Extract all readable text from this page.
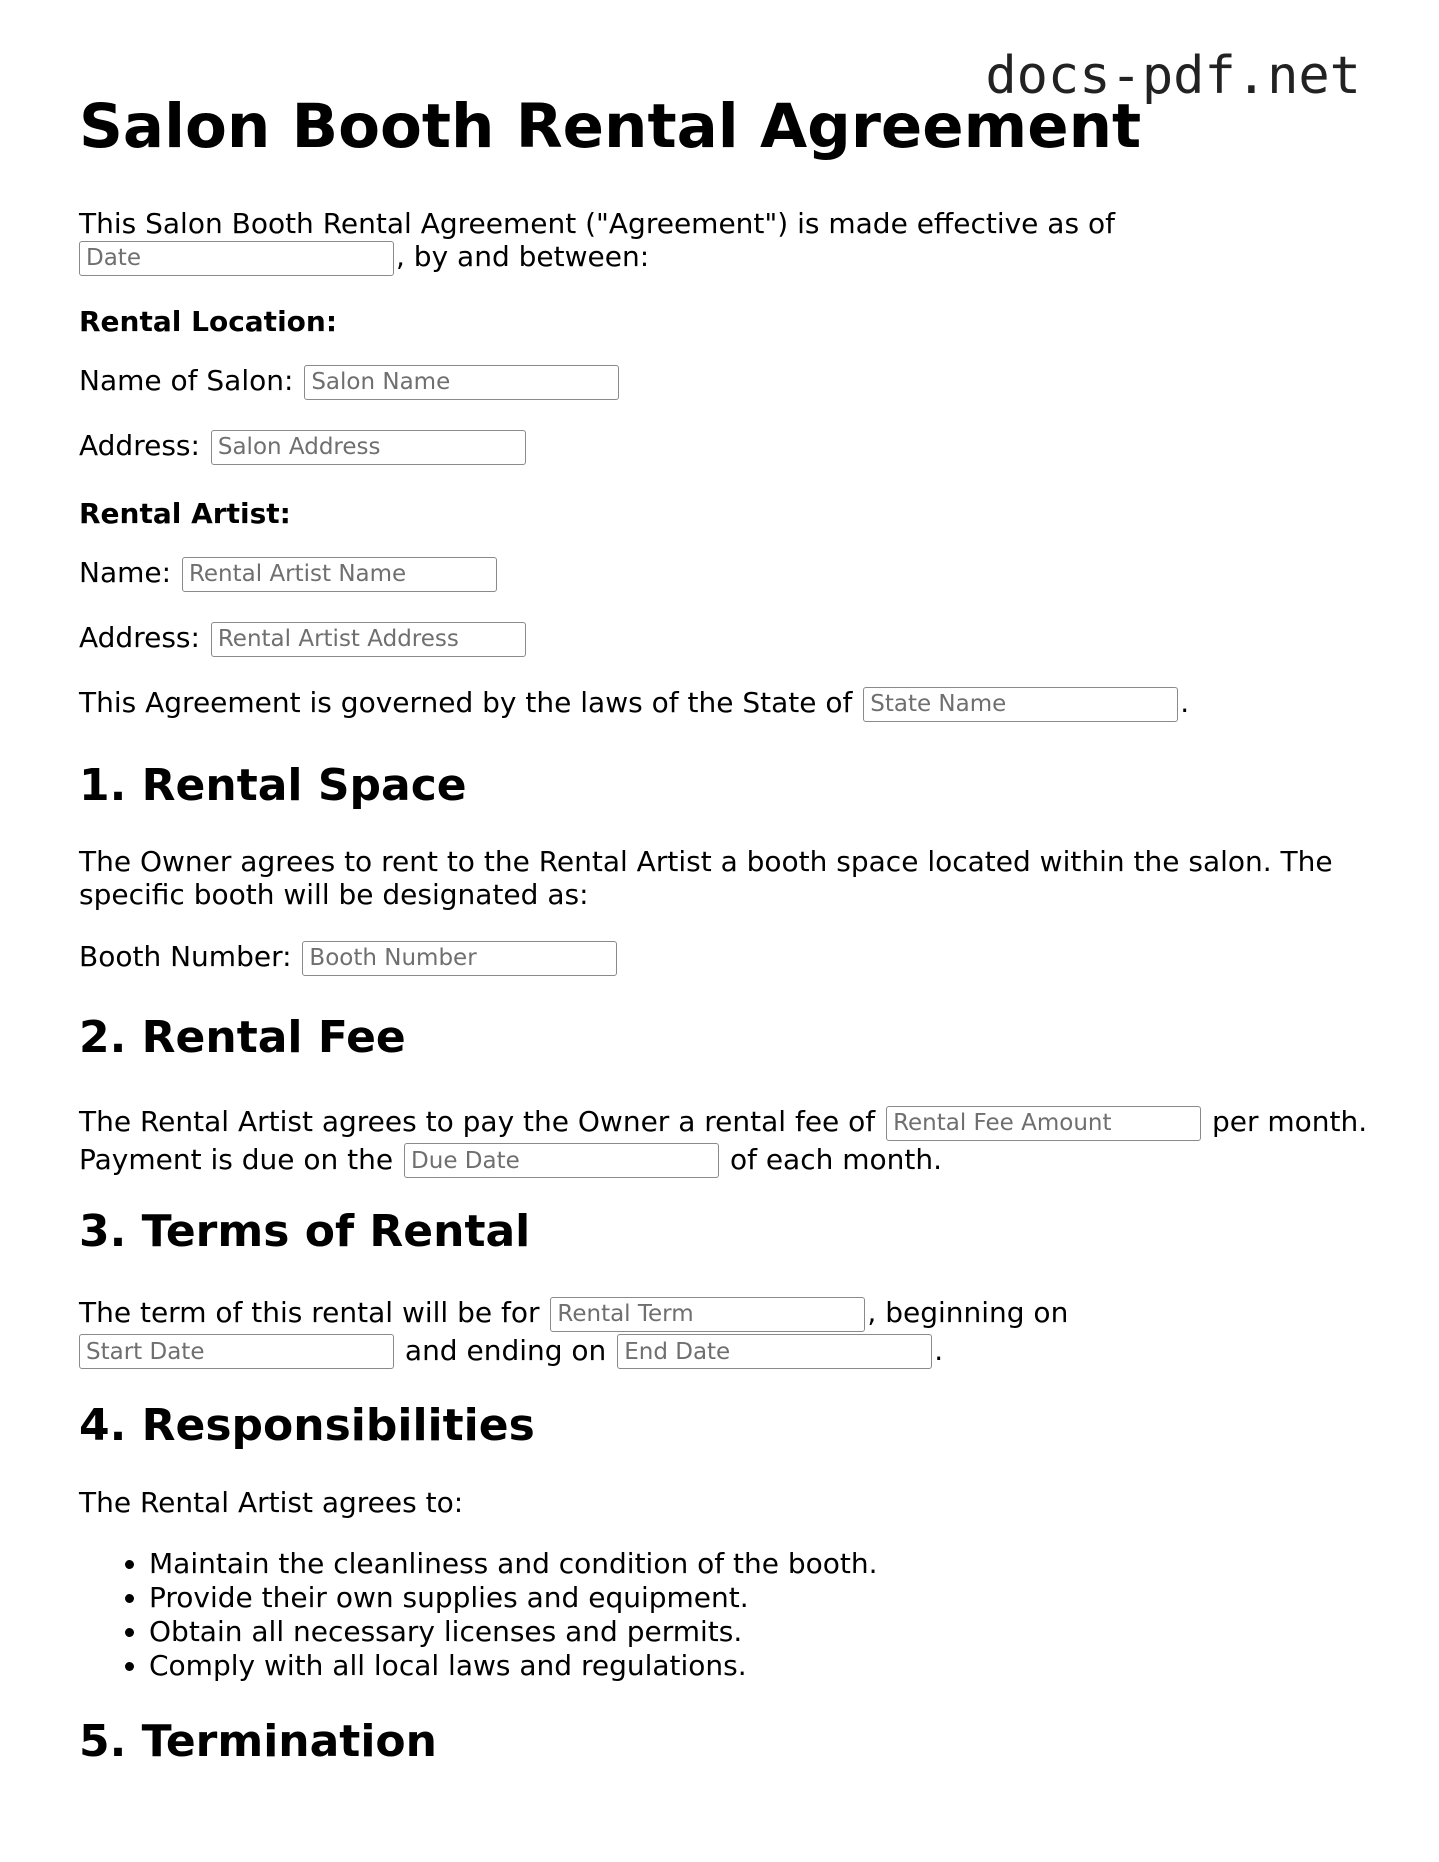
docs-pdf.net
Salon Booth Rental Agreement
This Salon Booth Rental Agreement ("Agreement") is made effective as of
Date, by and between:
Rental Location:
Name of Salon: Salon Name
Address: Salon Address
Rental Artist:
Name: Rental Artist Name
Address: Rental Artist Address
This Agreement is governed by the laws of the State of State Name	.
1. Rental Space
The Owner agrees to rent to the Rental Artist a booth space located within the salon. The specific booth will be designated as:
Booth Number: Booth Number
2. Rental Fee
The Rental Artist agrees to pay the Owner a rental fee of Rental Fee Amount	per month. Payment is due on the Due Date	of each month.
3. Terms of Rental
The term of this rental will be for Rental Term	, beginning on Start Date and ending on End Date	.
4. Responsibilities
The Rental Artist agrees to:
• Maintain the cleanliness and condition of the booth.
• Provide their own supplies and equipment.
• Obtain all necessary licenses and permits.
• Comply with all local laws and regulations.
5. Termination
